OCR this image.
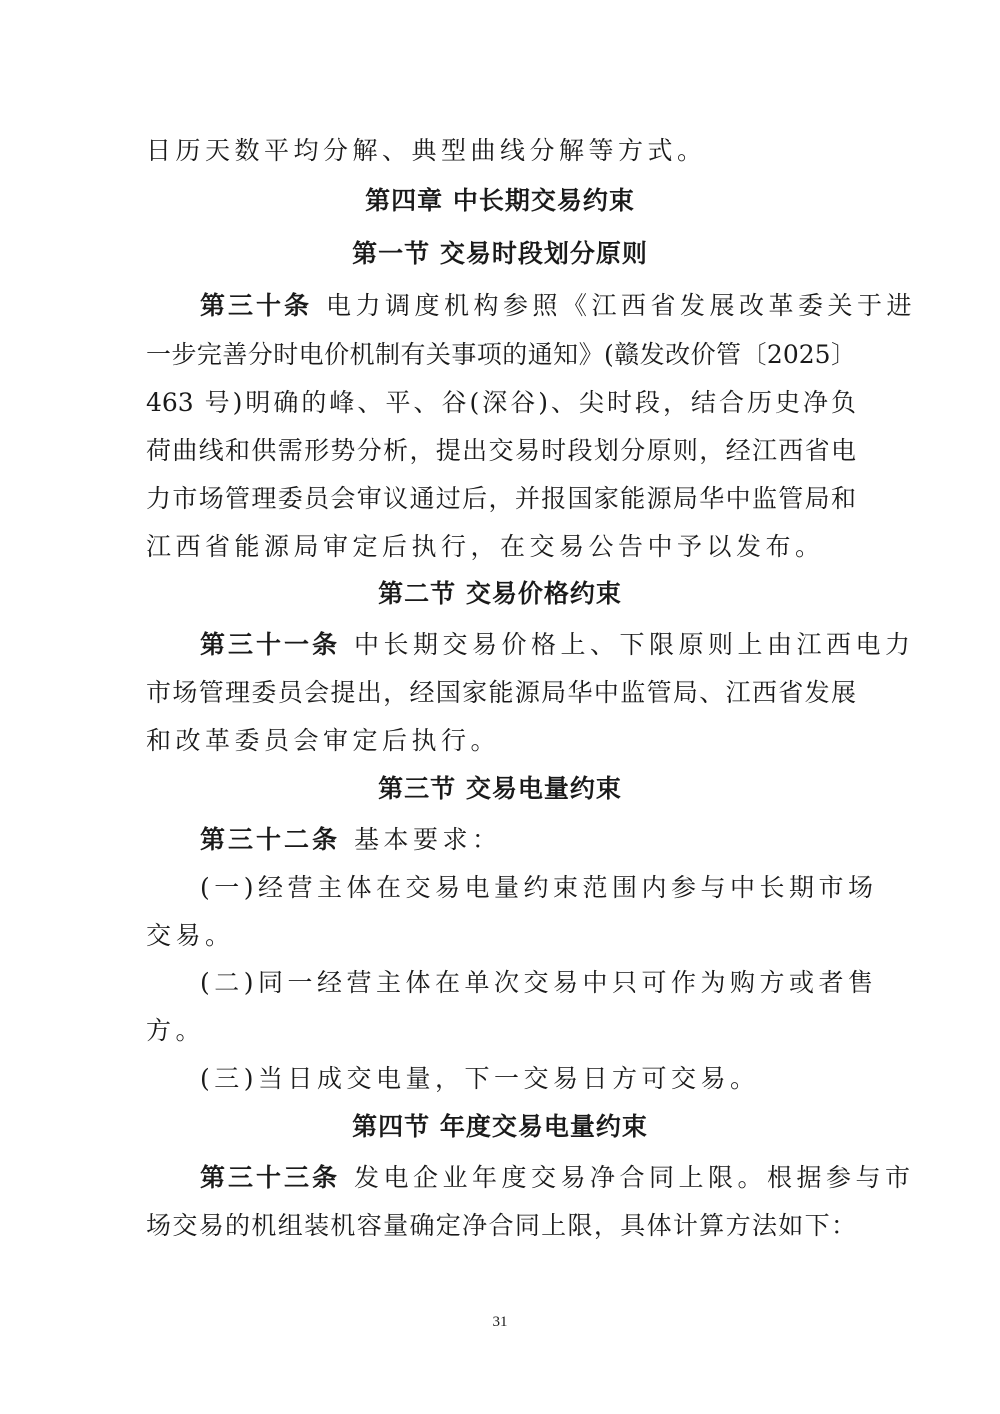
日历天数平均分解、典型曲线分解等方式。
第四章 中长期交易约束
第一节 交易时段划分原则
第三十条 电力调度机构参照《江西省发展改革委关于进
一步完善分时电价机制有关事项的通知》(赣发改价管〔2025〕
463 号)明确的峰、平、谷(深谷)、尖时段，结合历史净负
荷曲线和供需形势分析，提出交易时段划分原则，经江西省电
力市场管理委员会审议通过后，并报国家能源局华中监管局和
江西省能源局审定后执行，在交易公告中予以发布。
第二节 交易价格约束
第三十一条 中长期交易价格上、下限原则上由江西电力
市场管理委员会提出，经国家能源局华中监管局、江西省发展
和改革委员会审定后执行。
第三节 交易电量约束
第三十二条 基本要求：
(一)经营主体在交易电量约束范围内参与中长期市场
交易。
(二)同一经营主体在单次交易中只可作为购方或者售
方。
(三)当日成交电量，下一交易日方可交易。
第四节 年度交易电量约束
第三十三条 发电企业年度交易净合同上限。根据参与市
场交易的机组装机容量确定净合同上限，具体计算方法如下：
31
